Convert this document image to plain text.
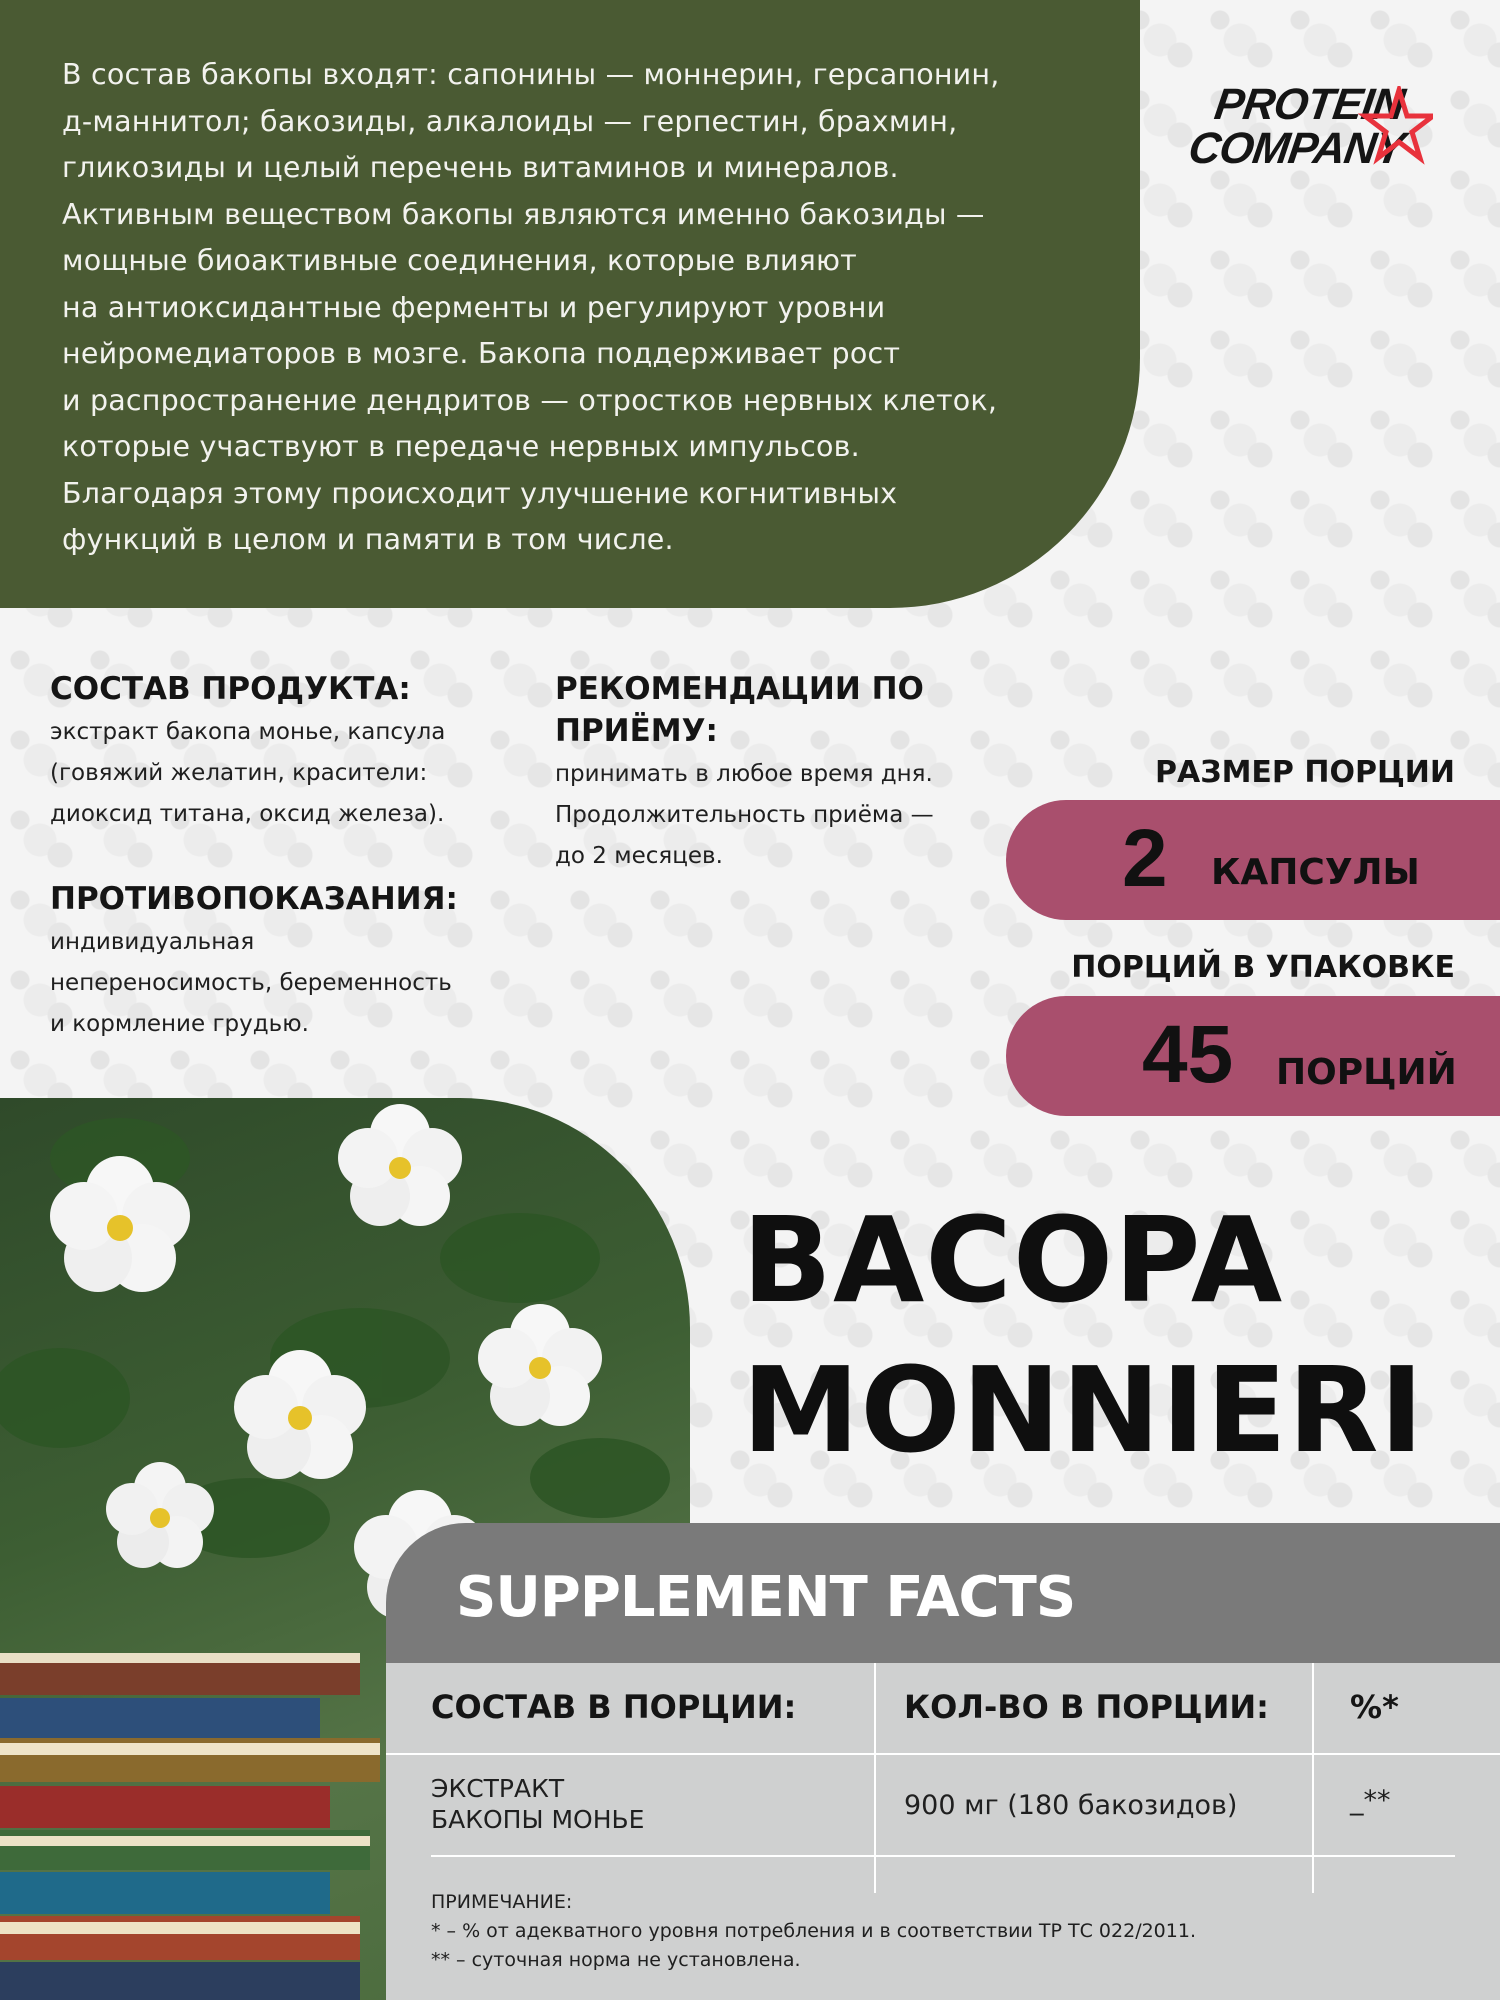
В состав бакопы входят: сапонины — моннерин, герсапонин,
д-маннитол; бакозиды, алкалоиды — герпестин, брахмин,
гликозиды и целый перечень витаминов и минералов.
Активным веществом бакопы являются именно бакозиды —
мощные биоактивные соединения, которые влияют
на антиоксидантные ферменты и регулируют уровни
нейромедиаторов в мозге. Бакопа поддерживает рост
и распространение дендритов — отростков нервных клеток,
которые участвуют в передаче нервных импульсов.
Благодаря этому происходит улучшение когнитивных
функций в целом и памяти в том числе.

PROTEIN
COMPANY
СОСТАВ ПРОДУКТА:
экстракт бакопа монье, капсула
(говяжий желатин, красители:
диоксид титана, оксид железа).
ПРОТИВОПОКАЗАНИЯ:
индивидуальная
непереносимость, беременность
и кормление грудью.
РЕКОМЕНДАЦИИ ПО
ПРИЁМУ:
принимать в любое время дня.
Продолжительность приёма —
до 2 месяцев.
РАЗМЕР ПОРЦИИ
2 КАПСУЛЫ
ПОРЦИЙ В УПАКОВКЕ
45 ПОРЦИЙ
BACOPA
MONNIERI
SUPPLEMENT FACTS
СОСТАВ В ПОРЦИИ:	КОЛ-ВО В ПОРЦИИ:	%*
ЭКСТРАКТ
БАКОПЫ МОНЬЕ	900 мг (180 бакозидов)	_**
ПРИМЕЧАНИЕ:
* – % от адекватного уровня потребления и в соответствии ТР ТС 022/2011.
** – суточная норма не установлена.
